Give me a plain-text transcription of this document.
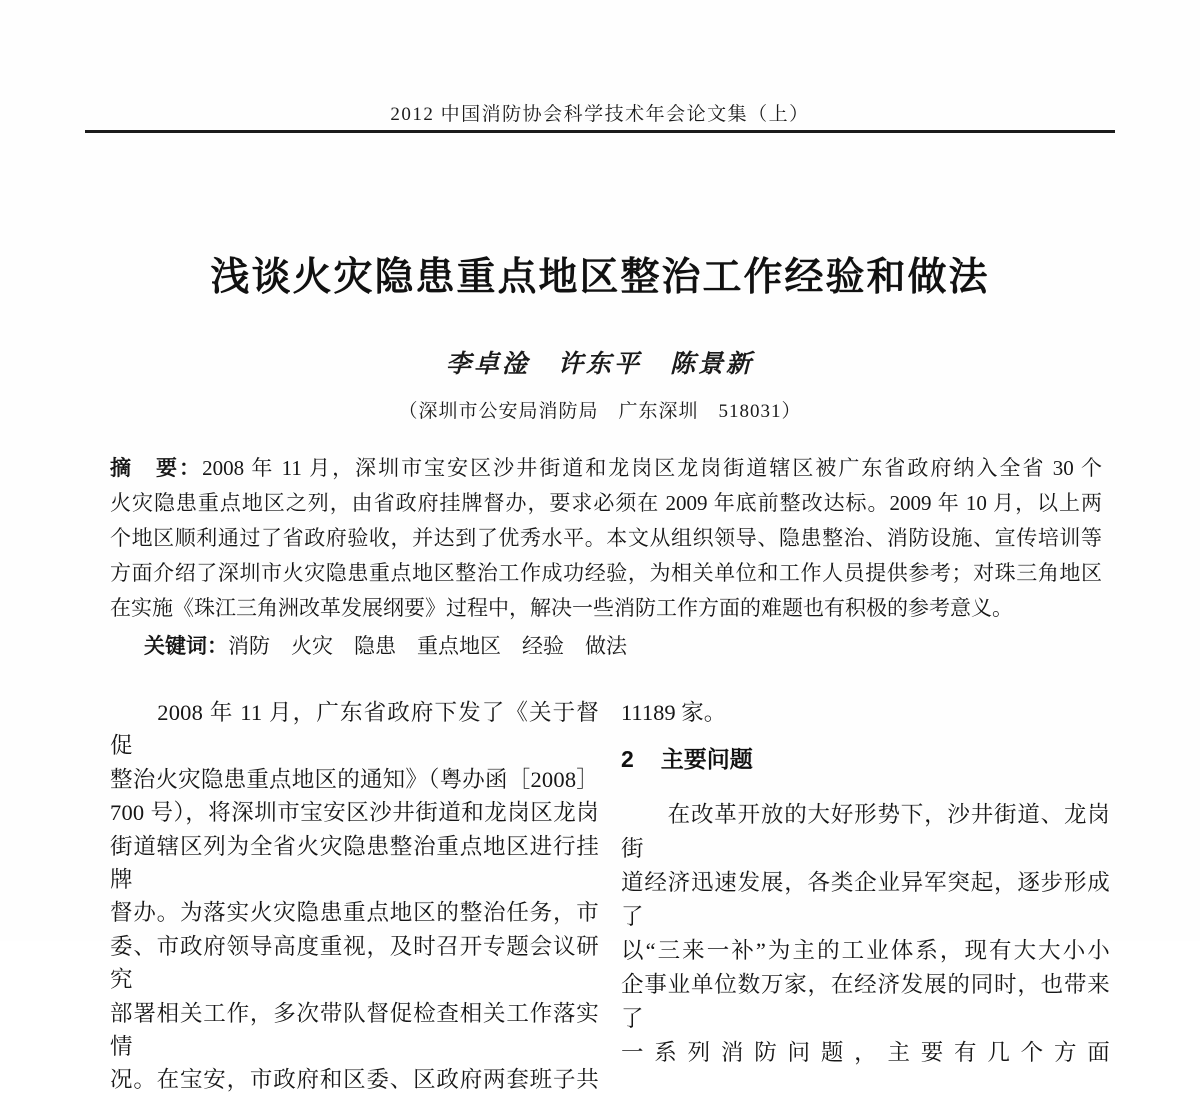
2012 中国消防协会科学技术年会论文集（上）
浅谈火灾隐患重点地区整治工作经验和做法
李卓淦　许东平　陈景新
（深圳市公安局消防局　广东深圳　518031）
摘　要：2008 年 11 月，深圳市宝安区沙井街道和龙岗区龙岗街道辖区被广东省政府纳入全省 30 个
火灾隐患重点地区之列，由省政府挂牌督办，要求必须在 2009 年底前整改达标。2009 年 10 月，以上两
个地区顺利通过了省政府验收，并达到了优秀水平。本文从组织领导、隐患整治、消防设施、宣传培训等
方面介绍了深圳市火灾隐患重点地区整治工作成功经验，为相关单位和工作人员提供参考；对珠三角地区
在实施《珠江三角洲改革发展纲要》过程中，解决一些消防工作方面的难题也有积极的参考意义。
关键词：消防　火灾　隐患　重点地区　经验　做法
　　2008 年 11 月，广东省政府下发了《关于督促
整治火灾隐患重点地区的通知》（粤办函［2008］
700 号），将深圳市宝安区沙井街道和龙岗区龙岗
街道辖区列为全省火灾隐患整治重点地区进行挂牌
督办。为落实火灾隐患重点地区的整治任务，市
委、市政府领导高度重视，及时召开专题会议研究
部署相关工作，多次带队督促检查相关工作落实情
况。在宝安，市政府和区委、区政府两套班子共
11189 家。
2 主要问题
　　在改革开放的大好形势下，沙井街道、龙岗街
道经济迅速发展，各类企业异军突起，逐步形成了
以“三来一补”为主的工业体系，现有大大小小
企事业单位数万家，在经济发展的同时，也带来了
一系列消防问题，主要有几个方面
